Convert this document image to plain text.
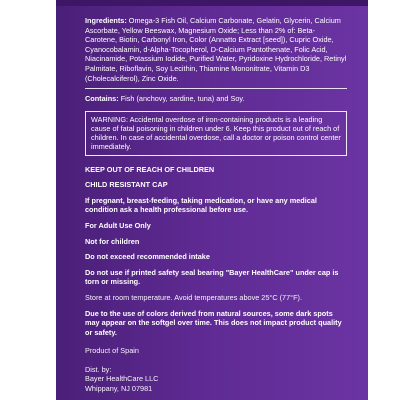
Ingredients: Omega-3 Fish Oil, Calcium Carbonate, Gelatin, Glycerin, Calcium Ascorbate, Yellow Beeswax, Magnesium Oxide; Less than 2% of: Beta-Carotene, Biotin, Carbonyl Iron, Color (Annatto Extract [seed]), Cupric Oxide, Cyanocobalamin, d-Alpha-Tocopherol, D-Calcium Pantothenate, Folic Acid, Niacinamide, Potassium Iodide, Purified Water, Pyridoxine Hydrochloride, Retinyl Palmitate, Riboflavin, Soy Lecithin, Thiamine Mononitrate, Vitamin D3 (Cholecalciferol), Zinc Oxide.

Contains: Fish (anchovy, sardine, tuna) and Soy.

WARNING: Accidental overdose of iron-containing products is a leading cause of fatal poisoning in children under 6. Keep this product out of reach of children. In case of accidental overdose, call a doctor or poison control center immediately.

KEEP OUT OF REACH OF CHILDREN

CHILD RESISTANT CAP

If pregnant, breast-feeding, taking medication, or have any medical condition ask a health professional before use.

For Adult Use Only

Not for children

Do not exceed recommended intake

Do not use if printed safety seal bearing "Bayer HealthCare" under cap is torn or missing.

Store at room temperature. Avoid temperatures above 25°C (77°F).

Due to the use of colors derived from natural sources, some dark spots may appear on the softgel over time. This does not impact product quality or safety.

Product of Spain

Dist. by:

Bayer HealthCare LLC

Whippany, NJ 07981
